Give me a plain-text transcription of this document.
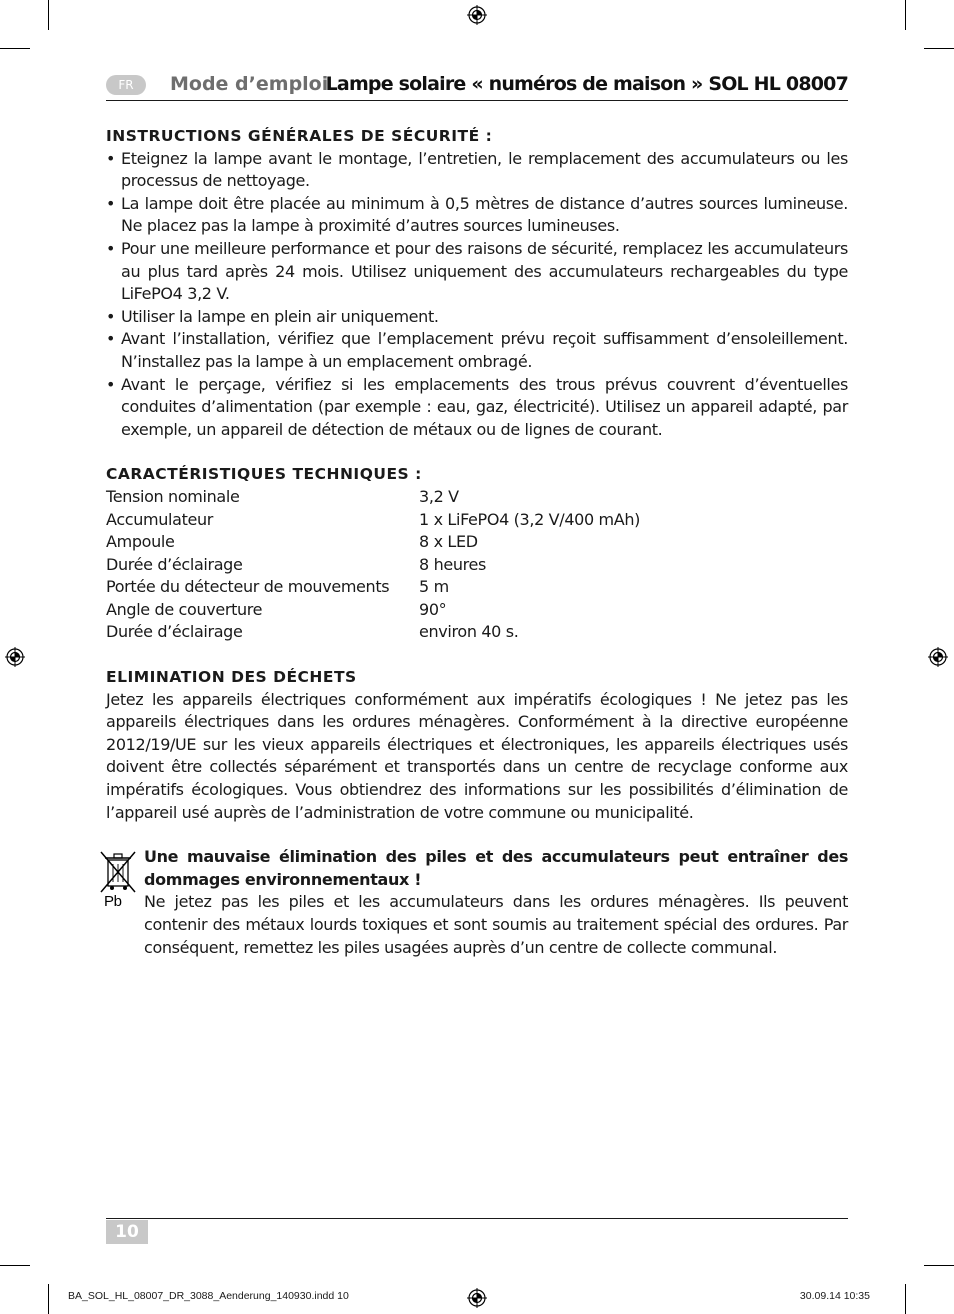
FR	Mode d’emploi
Lampe solaire « numéros de maison » SOL HL 08007
INSTRUCTIONS GÉNÉRALES DE SÉCURITÉ :
• Eteignez la lampe avant le montage, l’entretien, le remplacement des accumulateurs ou les processus de nettoyage.
• La lampe doit être placée au minimum à 0,5 mètres de distance d’autres sources lumineuse. Ne placez pas la lampe à proximité d’autres sources lumineuses.
• Pour une meilleure performance et pour des raisons de sécurité, remplacez les accumulateurs au plus tard après 24 mois. Utilisez uniquement des accumulateurs rechargeables du type LiFePO4 3,2 V.
• Utiliser la lampe en plein air uniquement.
• Avant l’installation, vérifiez que l’emplacement prévu reçoit suffisamment d’ensoleillement. N’installez pas la lampe à un emplacement ombragé.
• Avant le perçage, vérifiez si les emplacements des trous prévus couvrent d’éventuelles conduites d’alimentation (par exemple : eau, gaz, électricité). Utilisez un appareil adapté, par exemple, un appareil de détection de métaux ou de lignes de courant.
CARACTÉRISTIQUES TECHNIQUES :
Tension nominale	3,2 V
Accumulateur	1 x LiFePO4 (3,2 V/400 mAh)
Ampoule	8 x LED
Durée d’éclairage	8 heures
Portée du détecteur de mouvements	5 m
Angle de couverture	90°
Durée d’éclairage	environ 40 s.
ELIMINATION DES DÉCHETS

Jetez les appareils électriques conformément aux impératifs écologiques ! Ne jetez pas les appareils électriques dans les ordures ménagères. Conformément à la directive européenne 2012/19/UE sur les vieux appareils électriques et électroniques, les appareils électriques usés doivent être collectés séparément et transportés dans un centre de recyclage conforme aux impératifs écologiques. Vous obtiendrez des informations sur les possibilités d’élimination de l’appareil usé auprès de l’administration de votre commune ou municipalité.

Pb

Une mauvaise élimination des piles et des accumulateurs peut entraîner des dommages environnementaux !

Ne jetez pas les piles et les accumulateurs dans les ordures ménagères. Ils peuvent contenir des métaux lourds toxiques et sont soumis au traitement spécial des ordures. Par conséquent, remettez les piles usagées auprès d’un centre de collecte communal.

10
BA_SOL_HL_08007_DR_3088_Aenderung_140930.indd 10	30.09.14 10:35
